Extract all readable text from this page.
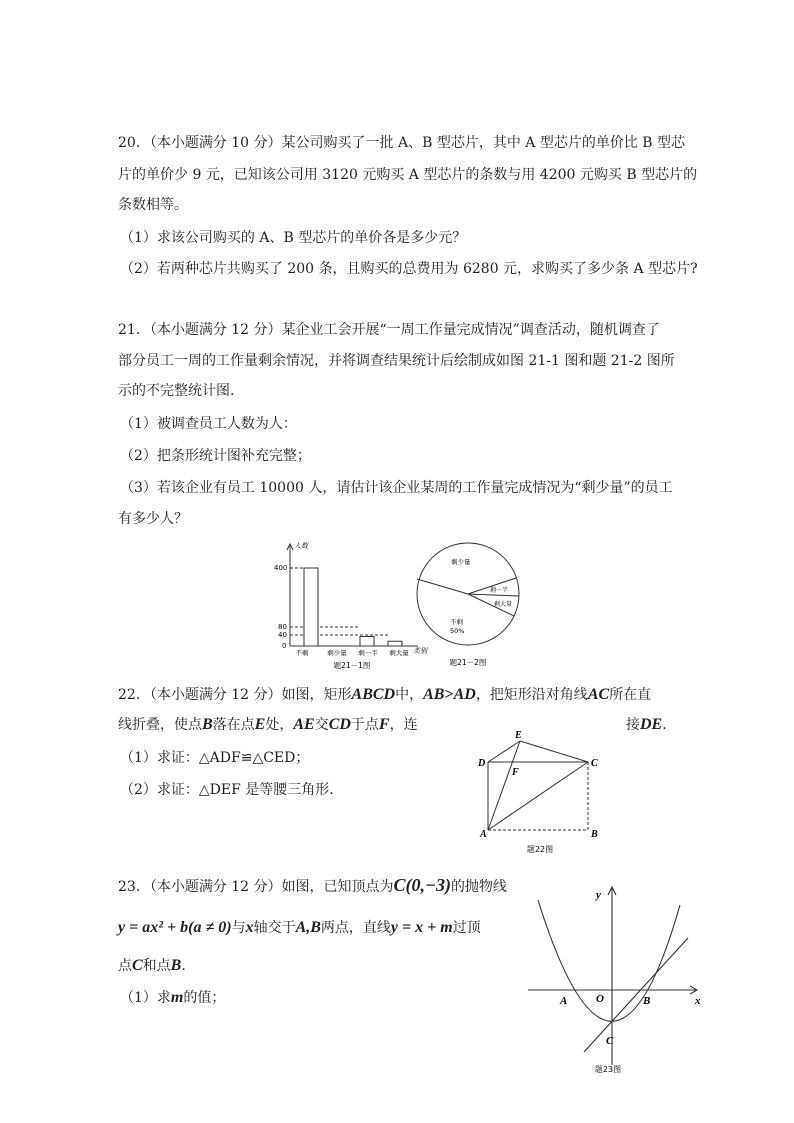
20．（本小题满分 10 分）某公司购买了一批 A、B 型芯片，其中 A 型芯片的单价比 B 型芯
片的单价少 9 元，已知该公司用 3120 元购买 A 型芯片的条数与用 4200 元购买 B 型芯片的
条数相等。
（1）求该公司购买的 A、B 型芯片的单价各是多少元？
（2）若两种芯片共购买了 200 条，且购买的总费用为 6280 元，求购买了多少条 A 型芯片?
21．（本小题满分 12 分）某企业工会开展“一周工作量完成情况”调查活动，随机调查了
部分员工一周的工作量剩余情况，并将调查结果统计后绘制成如图 21-1 图和题 21-2 图所
示的不完整统计图.
（1）被调查员工人数为人：
（2）把条形统计图补充完整；
（3）若该企业有员工 10000 人，请估计该企业某周的工作量完成情况为“剩少量”的员工
有多少人？
人数
400
80
40
0
不剩	剩少量 剩一半 剩大量 类别
题21－1图
剩少量
剩一半
剩大量
不剩
50%
题21－2图
22．（本小题满分 12 分）如图，矩形ABCD中，AB>AD，把矩形沿对角线AC所在直
线折叠，使点B落在点E处，AE交CD于点F，连	接DE.
（1）求证：△ADF≌△CED；
（2）求证：△DEF 是等腰三角形.
E
D
F
C
A	B
题22图
23．（本小题满分 12 分）如图，已知顶点为C(0,−3)的抛物线
y = ax² + b(a ≠ 0)与x轴交于A,B两点，直线y = x + m过顶
点C和点B.
（1）求m的值；
y
x
O
A	B
C
题23图
